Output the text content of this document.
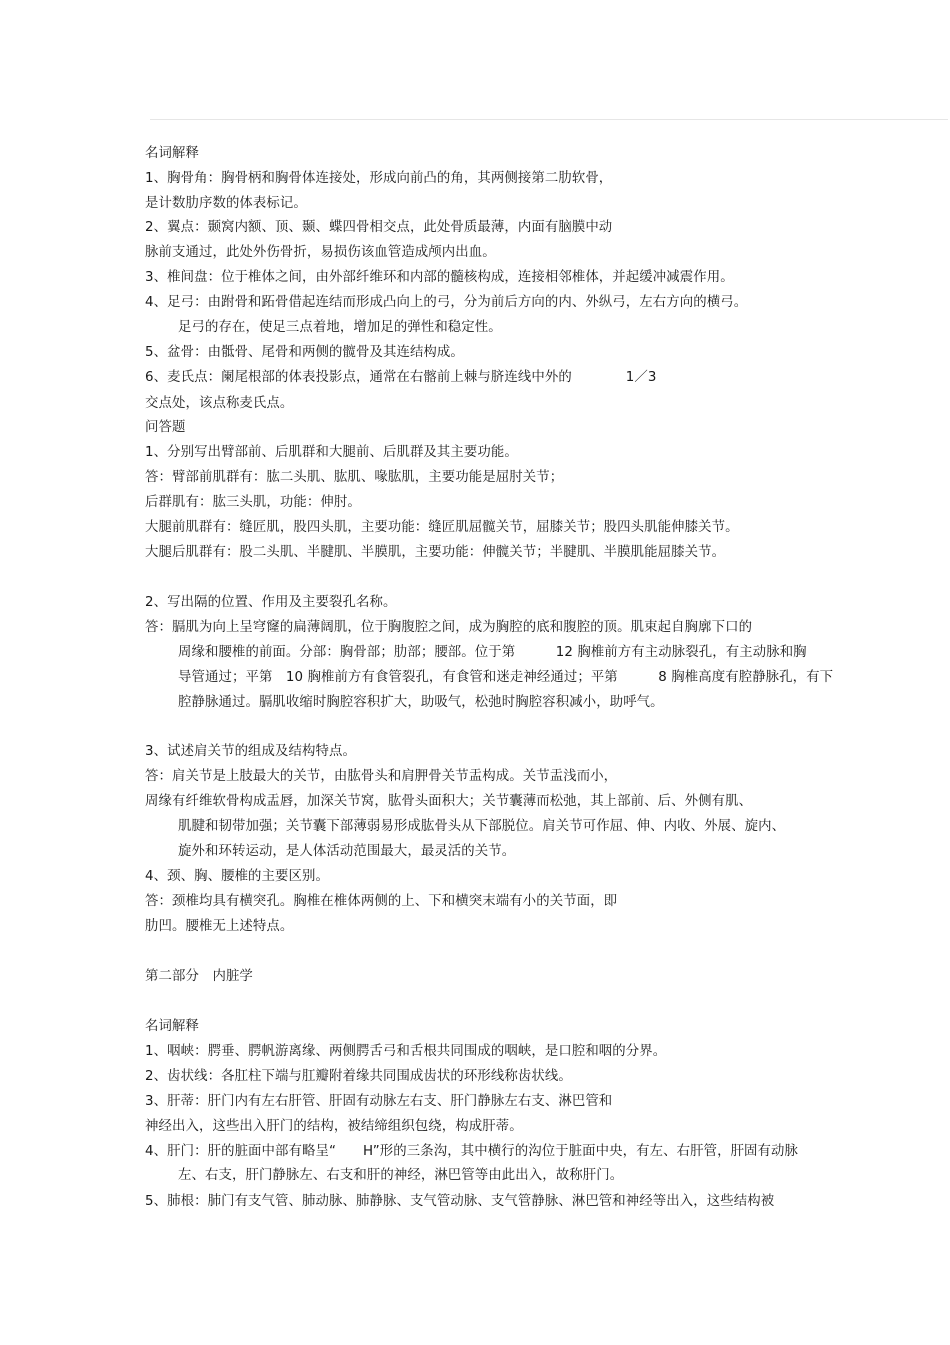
名词解释
1、胸骨角：胸骨柄和胸骨体连接处，形成向前凸的角，其两侧接第二肋软骨，
是计数肋序数的体表标记。
2、翼点：颞窝内额、顶、颞、蝶四骨相交点，此处骨质最薄，内面有脑膜中动
脉前支通过，此处外伤骨折，易损伤该血管造成颅内出血。
3、椎间盘：位于椎体之间，由外部纤维环和内部的髓核构成，连接相邻椎体，并起缓冲减震作用。
4、足弓：由跗骨和跖骨借起连结而形成凸向上的弓，分为前后方向的内、外纵弓，左右方向的横弓。
足弓的存在，使足三点着地，增加足的弹性和稳定性。
5、盆骨：由骶骨、尾骨和两侧的髋骨及其连结构成。
6、麦氏点：阑尾根部的体表投影点，通常在右髂前上棘与脐连线中外的　　　　1／3
交点处，该点称麦氏点。
问答题
1、分别写出臂部前、后肌群和大腿前、后肌群及其主要功能。
答：臂部前肌群有：肱二头肌、肱肌、喙肱肌，主要功能是屈肘关节；
后群肌有：肱三头肌，功能：伸肘。
大腿前肌群有：缝匠肌，股四头肌，主要功能：缝匠肌屈髋关节，屈膝关节；股四头肌能伸膝关节。
大腿后肌群有：股二头肌、半腱肌、半膜肌，主要功能：伸髋关节；半腱肌、半膜肌能屈膝关节。
2、写出隔的位置、作用及主要裂孔名称。
答：膈肌为向上呈穹窿的扁薄阔肌，位于胸腹腔之间，成为胸腔的底和腹腔的顶。肌束起自胸廓下口的
周缘和腰椎的前面。分部：胸骨部；肋部；腰部。位于第　　　12 胸椎前方有主动脉裂孔，有主动脉和胸
导管通过；平第　10 胸椎前方有食管裂孔，有食管和迷走神经通过；平第　　　8 胸椎高度有腔静脉孔，有下
腔静脉通过。膈肌收缩时胸腔容积扩大，助吸气，松弛时胸腔容积减小，助呼气。
3、试述肩关节的组成及结构特点。
答：肩关节是上肢最大的关节，由肱骨头和肩胛骨关节盂构成。关节盂浅而小，
周缘有纤维软骨构成盂唇，加深关节窝，肱骨头面积大；关节囊薄而松弛，其上部前、后、外侧有肌、
肌腱和韧带加强；关节囊下部薄弱易形成肱骨头从下部脱位。肩关节可作屈、伸、内收、外展、旋内、
旋外和环转运动，是人体活动范围最大，最灵活的关节。
4、颈、胸、腰椎的主要区别。
答：颈椎均具有横突孔。胸椎在椎体两侧的上、下和横突末端有小的关节面，即
肋凹。腰椎无上述特点。
第二部分　内脏学
名词解释
1、咽峡：腭垂、腭帆游离缘、两侧腭舌弓和舌根共同围成的咽峡，是口腔和咽的分界。
2、齿状线：各肛柱下端与肛瓣附着缘共同围成齿状的环形线称齿状线。
3、肝蒂：肝门内有左右肝管、肝固有动脉左右支、肝门静脉左右支、淋巴管和
神经出入，这些出入肝门的结构，被结缔组织包绕，构成肝蒂。
4、肝门：肝的脏面中部有略呈“　　H”形的三条沟，其中横行的沟位于脏面中央，有左、右肝管，肝固有动脉
左、右支，肝门静脉左、右支和肝的神经，淋巴管等由此出入，故称肝门。
5、肺根：肺门有支气管、肺动脉、肺静脉、支气管动脉、支气管静脉、淋巴管和神经等出入，这些结构被
